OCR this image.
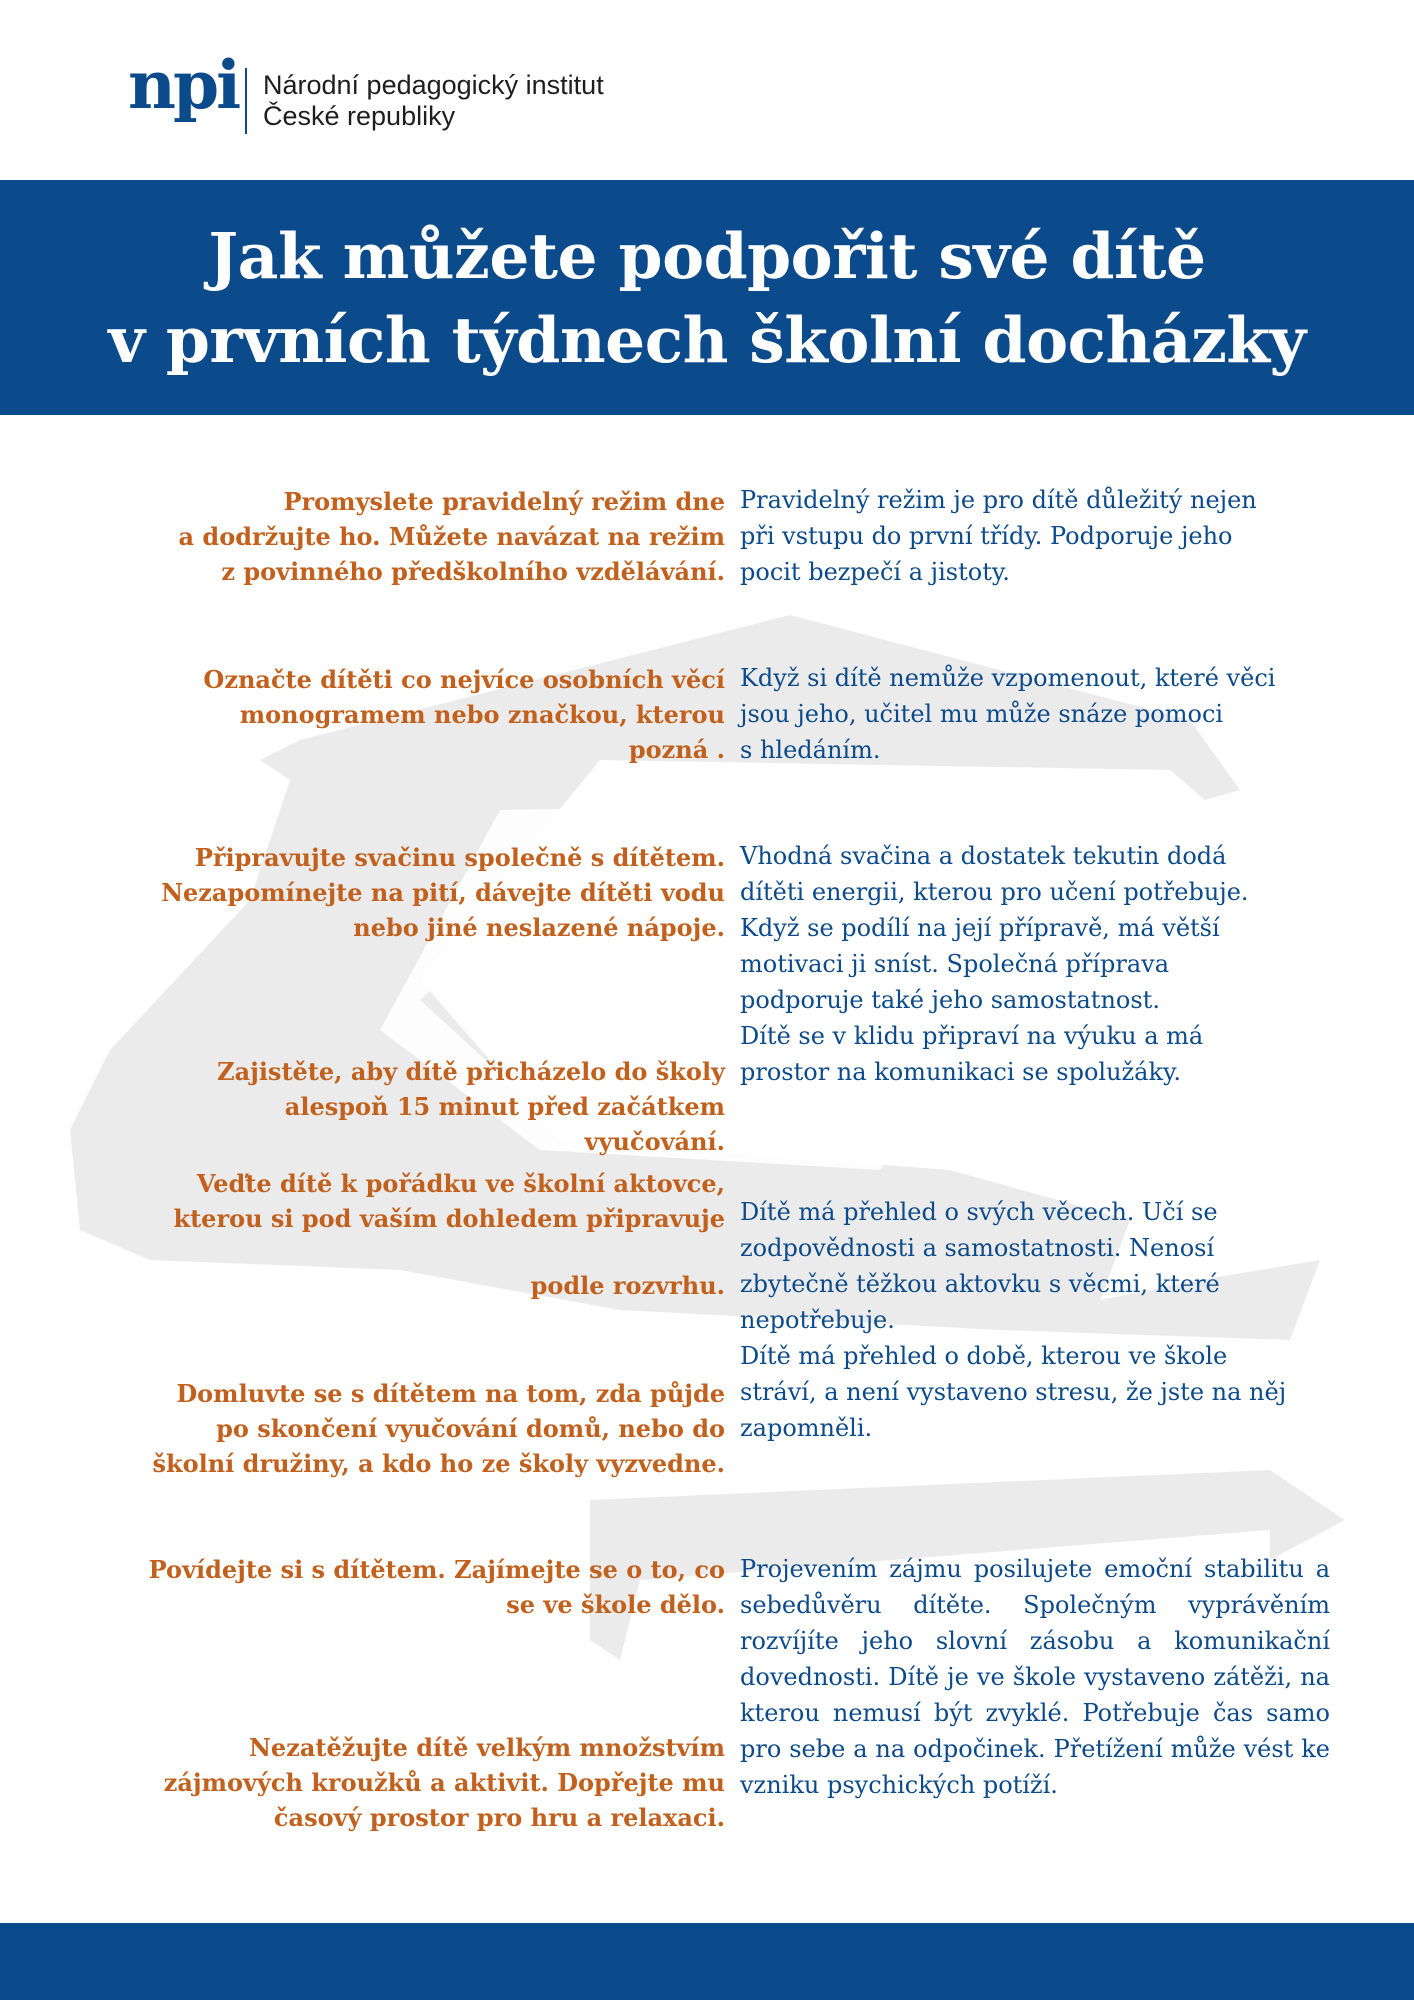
npi Národní pedagogický institut
České republiky
Jak můžete podpořit své dítě
v prvních týdnech školní docházky
Promyslete pravidelný režim dne
a dodržujte ho. Můžete navázat na režim
z povinného předškolního vzdělávání.
Označte dítěti co nejvíce osobních věcí
monogramem nebo značkou, kterou
pozná .
Připravujte svačinu společně s dítětem.
Nezapomínejte na pití, dávejte dítěti vodu
nebo jiné neslazené nápoje.
Zajistěte, aby dítě přicházelo do školy
alespoň 15 minut před začátkem
vyučování.
Veďte dítě k pořádku ve školní aktovce,
kterou si pod vaším dohledem připravuje
podle rozvrhu.
Domluvte se s dítětem na tom, zda půjde
po skončení vyučování domů, nebo do
školní družiny, a kdo ho ze školy vyzvedne.
Povídejte si s dítětem. Zajímejte se o to, co
se ve škole dělo.
Nezatěžujte dítě velkým množstvím
zájmových kroužků a aktivit. Dopřejte mu
časový prostor pro hru a relaxaci.
Pravidelný režim je pro dítě důležitý nejen
při vstupu do první třídy. Podporuje jeho
pocit bezpečí a jistoty.
Když si dítě nemůže vzpomenout, které věci
jsou jeho, učitel mu může snáze pomoci
s hledáním.
Vhodná svačina a dostatek tekutin dodá
dítěti energii, kterou pro učení potřebuje.
Když se podílí na její přípravě, má větší
motivaci ji sníst. Společná příprava
podporuje také jeho samostatnost.
Dítě se v klidu připraví na výuku a má
prostor na komunikaci se spolužáky.
Dítě má přehled o svých věcech. Učí se
zodpovědnosti a samostatnosti. Nenosí
zbytečně těžkou aktovku s věcmi, které
nepotřebuje.
Dítě má přehled o době, kterou ve škole
stráví, a není vystaveno stresu, že jste na něj
zapomněli.
Projevením zájmu posilujete emoční stabilitu a sebedůvěru dítěte. Společným vyprávěním rozvíjíte jeho slovní zásobu a komunikační dovednosti. Dítě je ve škole vystaveno zátěži, na kterou nemusí být zvyklé. Potřebuje čas samo pro sebe a na odpočinek. Přetížení může vést ke vzniku psychických potíží.
